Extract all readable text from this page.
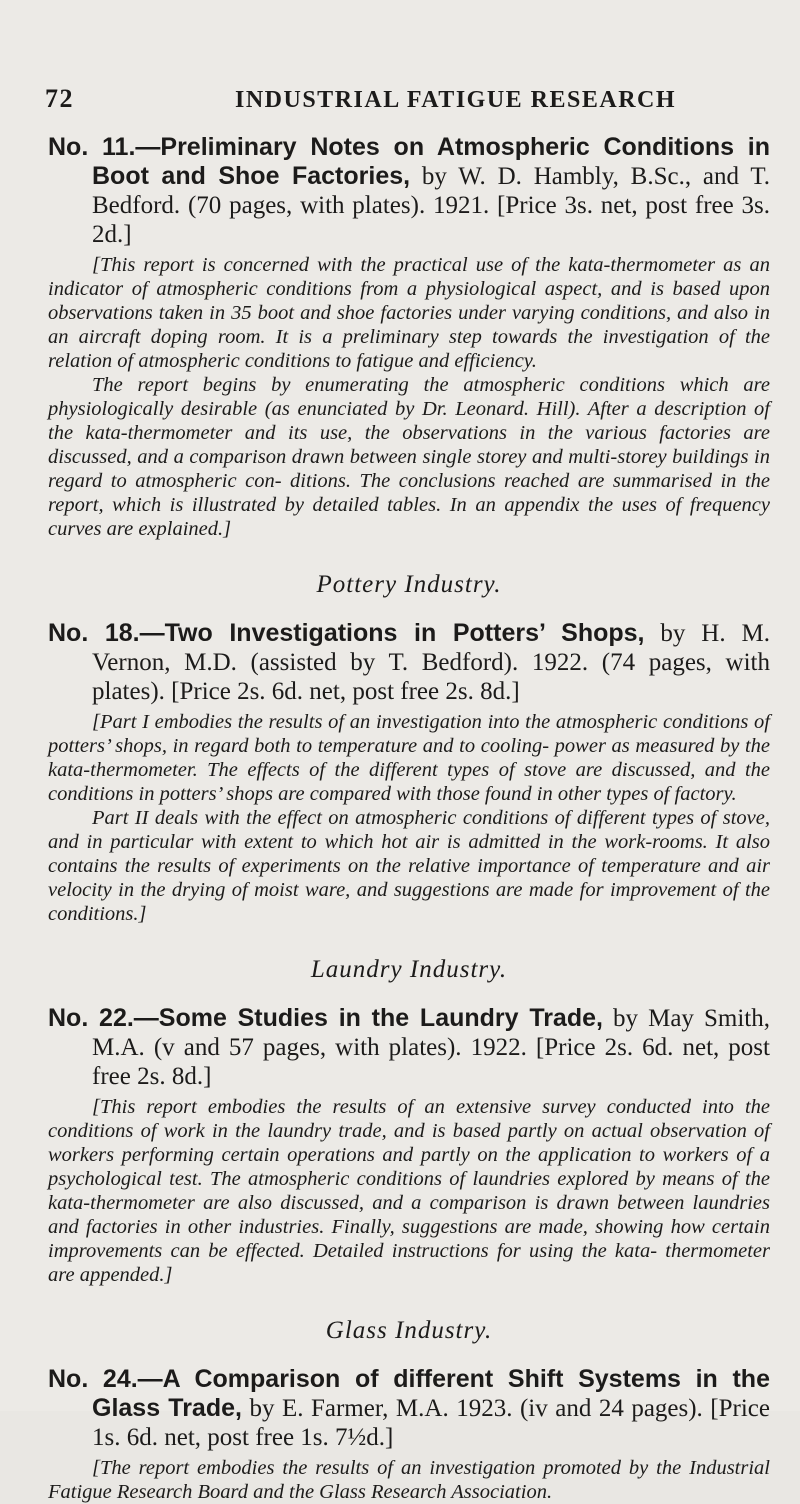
72	INDUSTRIAL FATIGUE RESEARCH

No. 11.—Preliminary Notes on Atmospheric Conditions in Boot and Shoe Factories, by W. D. Hambly, B.Sc., and T. Bedford. (70 pages, with plates). 1921. [Price 3s. net, post free 3s. 2d.]

[This report is concerned with the practical use of the kata-thermometer as an indicator of atmospheric conditions from a physiological aspect, and is based upon observations taken in 35 boot and shoe factories under varying conditions, and also in an aircraft doping room. It is a preliminary step towards the investigation of the relation of atmospheric conditions to fatigue and efficiency.

The report begins by enumerating the atmospheric conditions which are physiologically desirable (as enunciated by Dr. Leonard. Hill). After a description of the kata-thermometer and its use, the observations in the various factories are discussed, and a comparison drawn between single storey and multi-storey buildings in regard to atmospheric con- ditions. The conclusions reached are summarised in the report, which is illustrated by detailed tables. In an appendix the uses of frequency curves are explained.]

Pottery Industry.

No. 18.—Two Investigations in Potters’ Shops, by H. M. Vernon, M.D. (assisted by T. Bedford). 1922. (74 pages, with plates). [Price 2s. 6d. net, post free 2s. 8d.]

[Part I embodies the results of an investigation into the atmospheric conditions of potters’ shops, in regard both to temperature and to cooling- power as measured by the kata-thermometer. The effects of the different types of stove are discussed, and the conditions in potters’ shops are compared with those found in other types of factory.

Part II deals with the effect on atmospheric conditions of different types of stove, and in particular with extent to which hot air is admitted in the work-rooms. It also contains the results of experiments on the relative importance of temperature and air velocity in the drying of moist ware, and suggestions are made for improvement of the conditions.]

Laundry Industry.

No. 22.—Some Studies in the Laundry Trade, by May Smith, M.A. (v and 57 pages, with plates). 1922. [Price 2s. 6d. net, post free 2s. 8d.]

[This report embodies the results of an extensive survey conducted into the conditions of work in the laundry trade, and is based partly on actual observation of workers performing certain operations and partly on the application to workers of a psychological test. The atmospheric conditions of laundries explored by means of the kata-thermometer are also discussed, and a comparison is drawn between laundries and factories in other industries. Finally, suggestions are made, showing how certain improvements can be effected. Detailed instructions for using the kata- thermometer are appended.]

Glass Industry.

No. 24.—A Comparison of different Shift Systems in the Glass Trade, by E. Farmer, M.A. 1923. (iv and 24 pages). [Price 1s. 6d. net, post free 1s. 7½d.]

[The report embodies the results of an investigation promoted by the Industrial Fatigue Research Board and the Glass Research Association.
